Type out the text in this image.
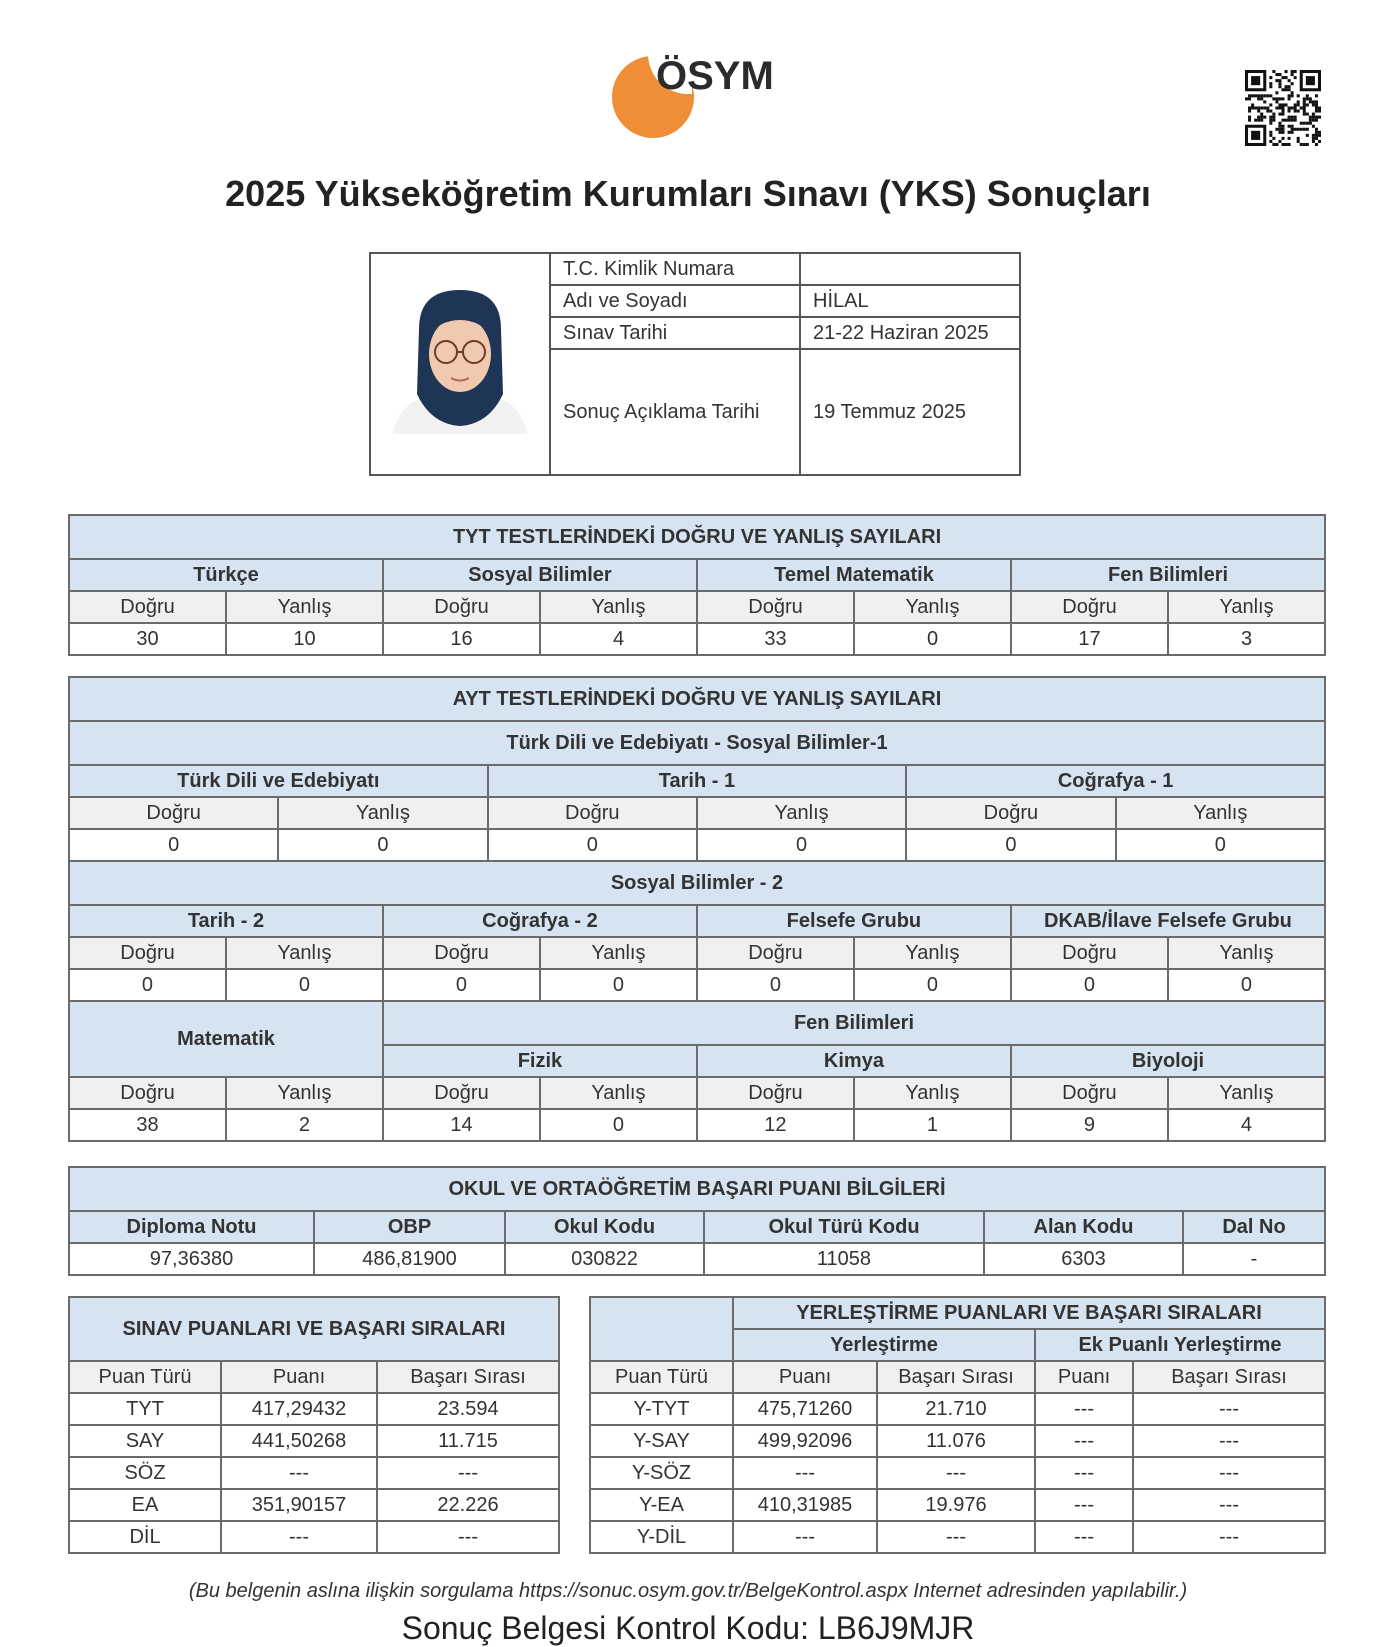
ÖSYM
2025 Yükseköğretim Kurumları Sınavı (YKS) Sonuçları
T.C. Kimlik Numara
Adı ve Soyadı	HİLAL
Sınav Tarihi	21-22 Haziran 2025
Sonuç Açıklama Tarihi	19 Temmuz 2025
TYT TESTLERİNDEKİ DOĞRU VE YANLIŞ SAYILARI							
Türkçe		Sosyal Bilimler		Temel Matematik		Fen Bilimleri	
Doğru	Yanlış	Doğru	Yanlış	Doğru	Yanlış	Doğru	Yanlış
30	10	16	4	33	0	17	3
AYT TESTLERİNDEKİ DOĞRU VE YANLIŞ SAYILARI											
Türk Dili ve Edebiyatı - Sosyal Bilimler-1											
Türk Dili ve Edebiyatı				Tarih - 1				Coğrafya - 1			
Doğru		Yanlış		Doğru		Yanlış		Doğru		Yanlış	
0		0		0		0		0		0	
Sosyal Bilimler - 2											
Tarih - 2			Coğrafya - 2			Felsefe Grubu			DKAB/İlave Felsefe Grubu		
Doğru	Yanlış		Doğru		Yanlış	Doğru	Yanlış		Doğru		Yanlış
0	0		0		0	0	0		0		0
Matematik			Fen Bilimleri								
			Fizik			Kimya			Biyoloji		
Doğru	Yanlış		Doğru		Yanlış	Doğru	Yanlış		Doğru		Yanlış
38	2		14		0	12	1		9		4
OKUL VE ORTAÖĞRETİM BAŞARI PUANI BİLGİLERİ					
Diploma Notu	OBP	Okul Kodu	Okul Türü Kodu	Alan Kodu	Dal No
97,36380	486,81900	030822	11058	6303	-
SINAV PUANLARI VE BAŞARI SIRALARI		
Puan Türü	Puanı	Başarı Sırası
TYT	417,29432	23.594
SAY	441,50268	11.715
SÖZ	---	---
EA	351,90157	22.226
DİL	---	---
	YERLEŞTİRME PUANLARI VE BAŞARI SIRALARI			
	Yerleştirme		Ek Puanlı Yerleştirme	
Puan Türü	Puanı	Başarı Sırası	Puanı	Başarı Sırası
Y-TYT	475,71260	21.710	---	---
Y-SAY	499,92096	11.076	---	---
Y-SÖZ	---	---	---	---
Y-EA	410,31985	19.976	---	---
Y-DİL	---	---	---	---
(Bu belgenin aslına ilişkin sorgulama https://sonuc.osym.gov.tr/BelgeKontrol.aspx Internet adresinden yapılabilir.)
Sonuç Belgesi Kontrol Kodu: LB6J9MJR
